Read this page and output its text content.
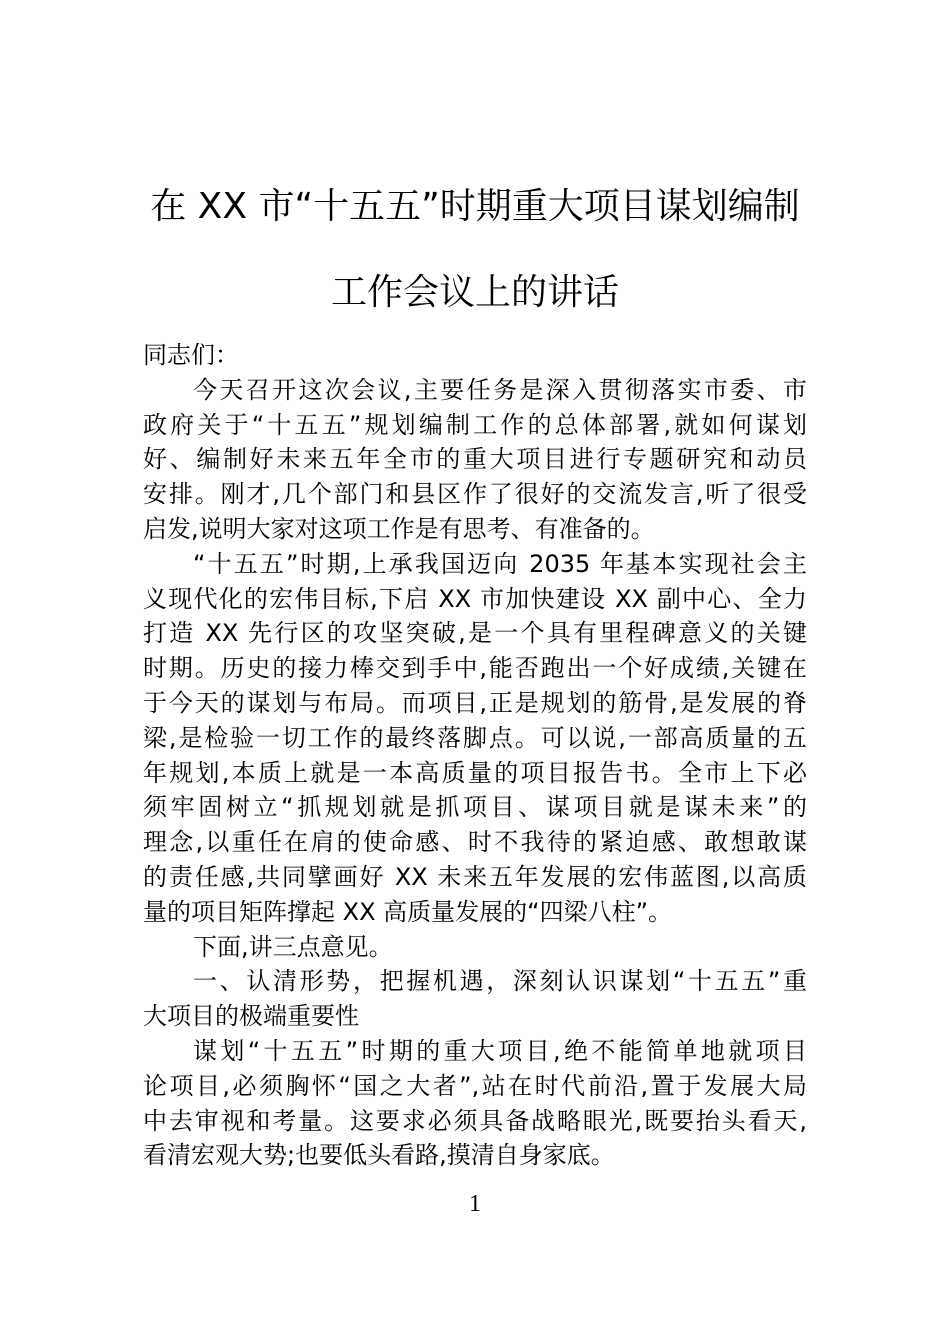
在 XX 市“十五五”时期重大项目谋划编制
工作会议上的讲话
同志们：
今天召开这次会议,主要任务是深入贯彻落实市委、市
政府关于“十五五”规划编制工作的总体部署,就如何谋划
好、编制好未来五年全市的重大项目进行专题研究和动员
安排。刚才,几个部门和县区作了很好的交流发言,听了很受
启发,说明大家对这项工作是有思考、有准备的。
“十五五”时期,上承我国迈向 2035 年基本实现社会主
义现代化的宏伟目标,下启 XX 市加快建设 XX 副中心、全力
打造 XX 先行区的攻坚突破,是一个具有里程碑意义的关键
时期。历史的接力棒交到手中,能否跑出一个好成绩,关键在
于今天的谋划与布局。而项目,正是规划的筋骨,是发展的脊
梁,是检验一切工作的最终落脚点。可以说,一部高质量的五
年规划,本质上就是一本高质量的项目报告书。全市上下必
须牢固树立“抓规划就是抓项目、谋项目就是谋未来”的
理念,以重任在肩的使命感、时不我待的紧迫感、敢想敢谋
的责任感,共同擘画好 XX 未来五年发展的宏伟蓝图,以高质
量的项目矩阵撑起 XX 高质量发展的“四梁八柱”。
下面,讲三点意见。
一、认清形势，把握机遇，深刻认识谋划“十五五”重
大项目的极端重要性
谋划“十五五”时期的重大项目,绝不能简单地就项目
论项目,必须胸怀“国之大者”,站在时代前沿,置于发展大局
中去审视和考量。这要求必须具备战略眼光,既要抬头看天,
看清宏观大势;也要低头看路,摸清自身家底。
1
